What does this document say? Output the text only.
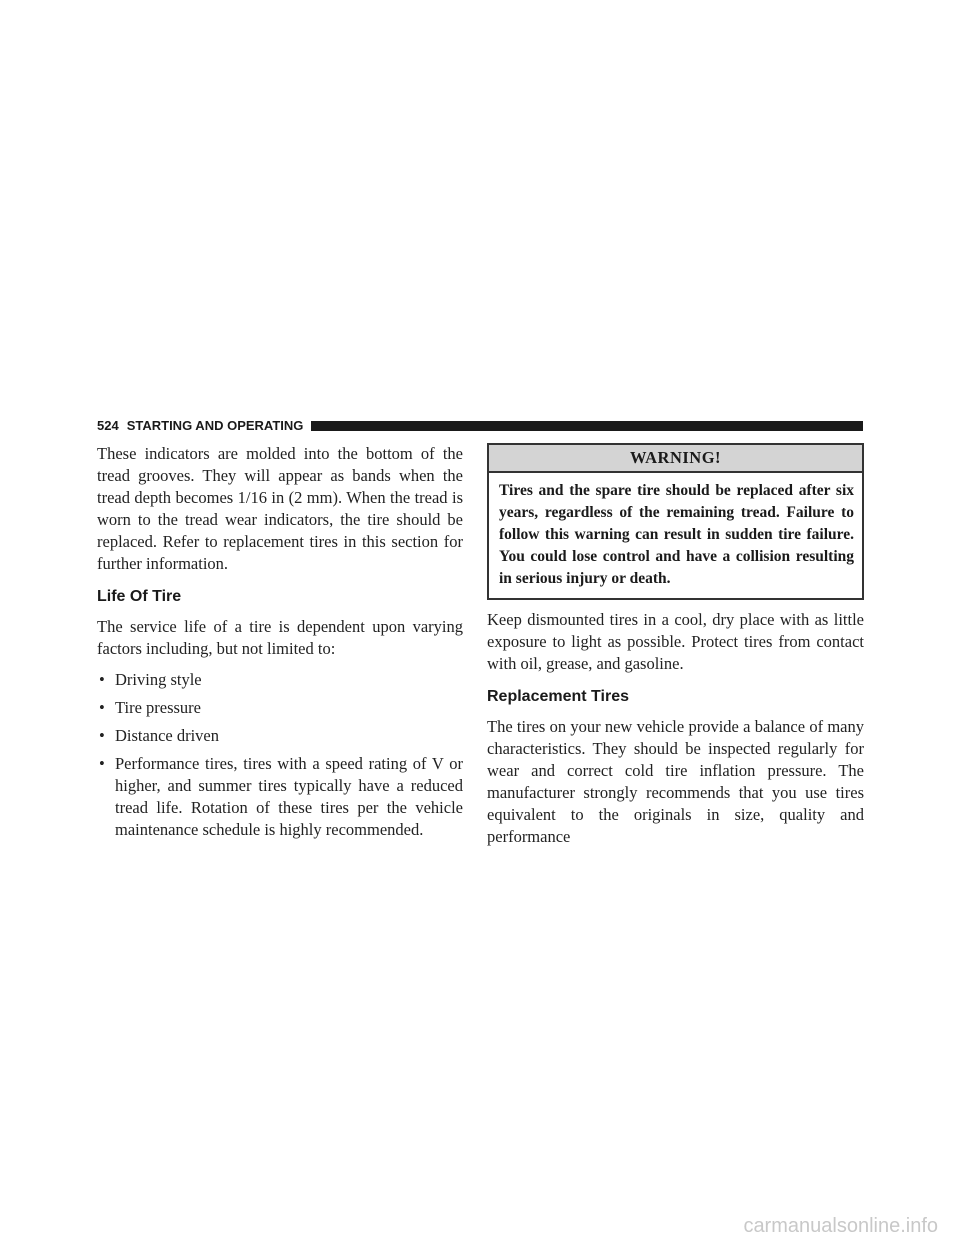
524 STARTING AND OPERATING

These indicators are molded into the bottom of the tread grooves. They will appear as bands when the tread depth becomes 1/16 in (2 mm). When the tread is worn to the tread wear indicators, the tire should be replaced. Refer to replacement tires in this section for further information.

Life Of Tire

The service life of a tire is dependent upon varying factors including, but not limited to:

• Driving style
• Tire pressure
• Distance driven
• Performance tires, tires with a speed rating of V or higher, and summer tires typically have a reduced tread life. Rotation of these tires per the vehicle maintenance schedule is highly recommended.
WARNING!
Tires and the spare tire should be replaced after six years, regardless of the remaining tread. Failure to follow this warning can result in sudden tire failure. You could lose control and have a collision resulting in serious injury or death.

Keep dismounted tires in a cool, dry place with as little exposure to light as possible. Protect tires from contact with oil, grease, and gasoline.

Replacement Tires

The tires on your new vehicle provide a balance of many characteristics. They should be inspected regularly for wear and correct cold tire inflation pressure. The manufacturer strongly recommends that you use tires equivalent to the originals in size, quality and performance

carmanualsonline.info
